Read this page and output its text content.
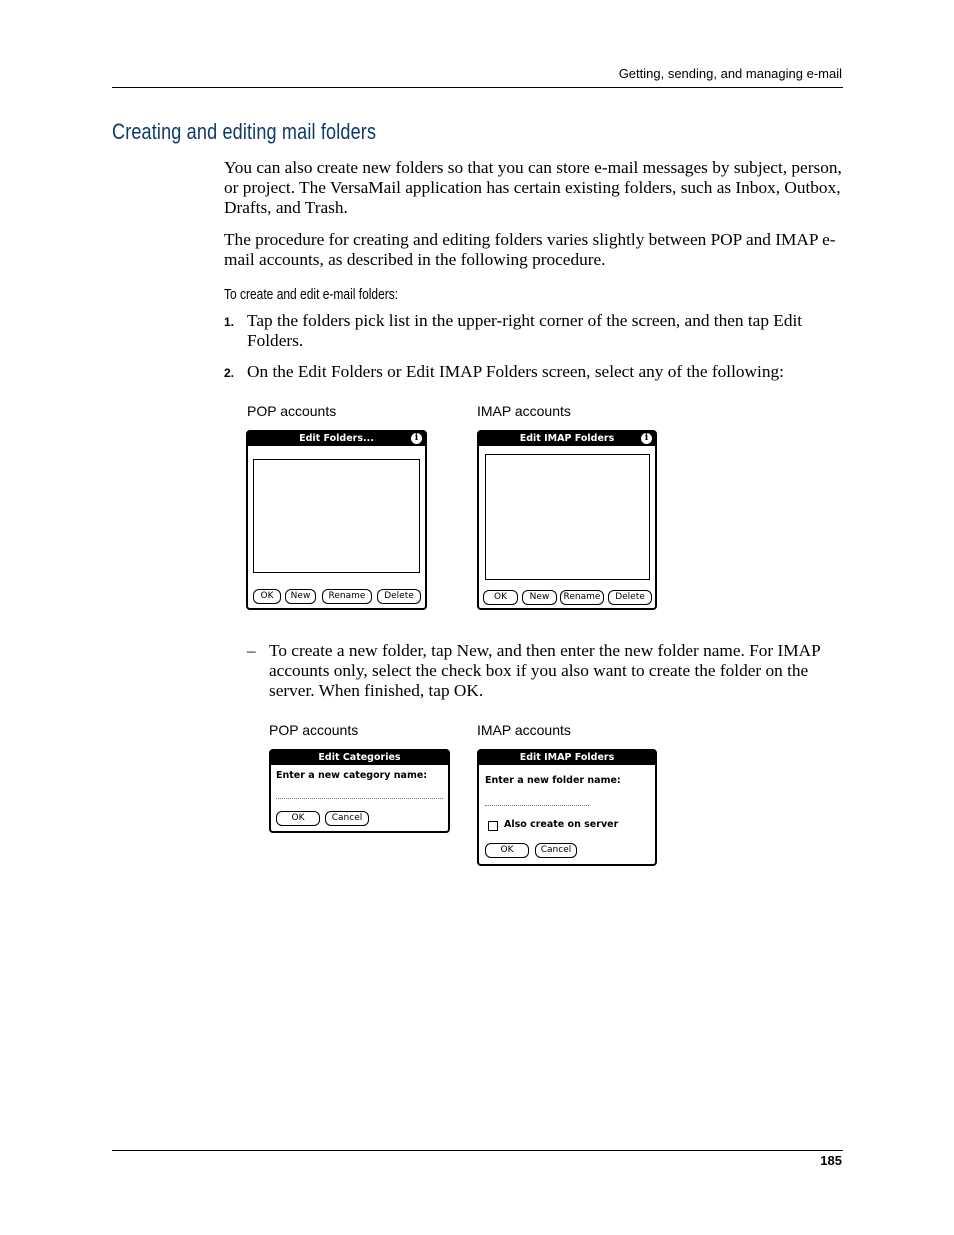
Getting, sending, and managing e-mail
Creating and editing mail folders
You can also create new folders so that you can store e-mail messages by subject, person, or project. The VersaMail application has certain existing folders, such as Inbox, Outbox, Drafts, and Trash.
The procedure for creating and editing folders varies slightly between POP and IMAP e-mail accounts, as described in the following procedure.
To create and edit e-mail folders:
1. Tap the folders pick list in the upper-right corner of the screen, and then tap Edit Folders.
2. On the Edit Folders or Edit IMAP Folders screen, select any of the following:
POP accounts	IMAP accounts
Edit Folders...	i
OK	New	Rename	Delete
Edit IMAP Folders	i
OK	New	Rename	Delete
– To create a new folder, tap New, and then enter the new folder name. For IMAP accounts only, select the check box if you also want to create the folder on the server. When finished, tap OK.
POP accounts	IMAP accounts
Edit Categories
Enter a new category name:
OK	Cancel
Edit IMAP Folders
Enter a new folder name:
Also create on server
OK	Cancel
185
